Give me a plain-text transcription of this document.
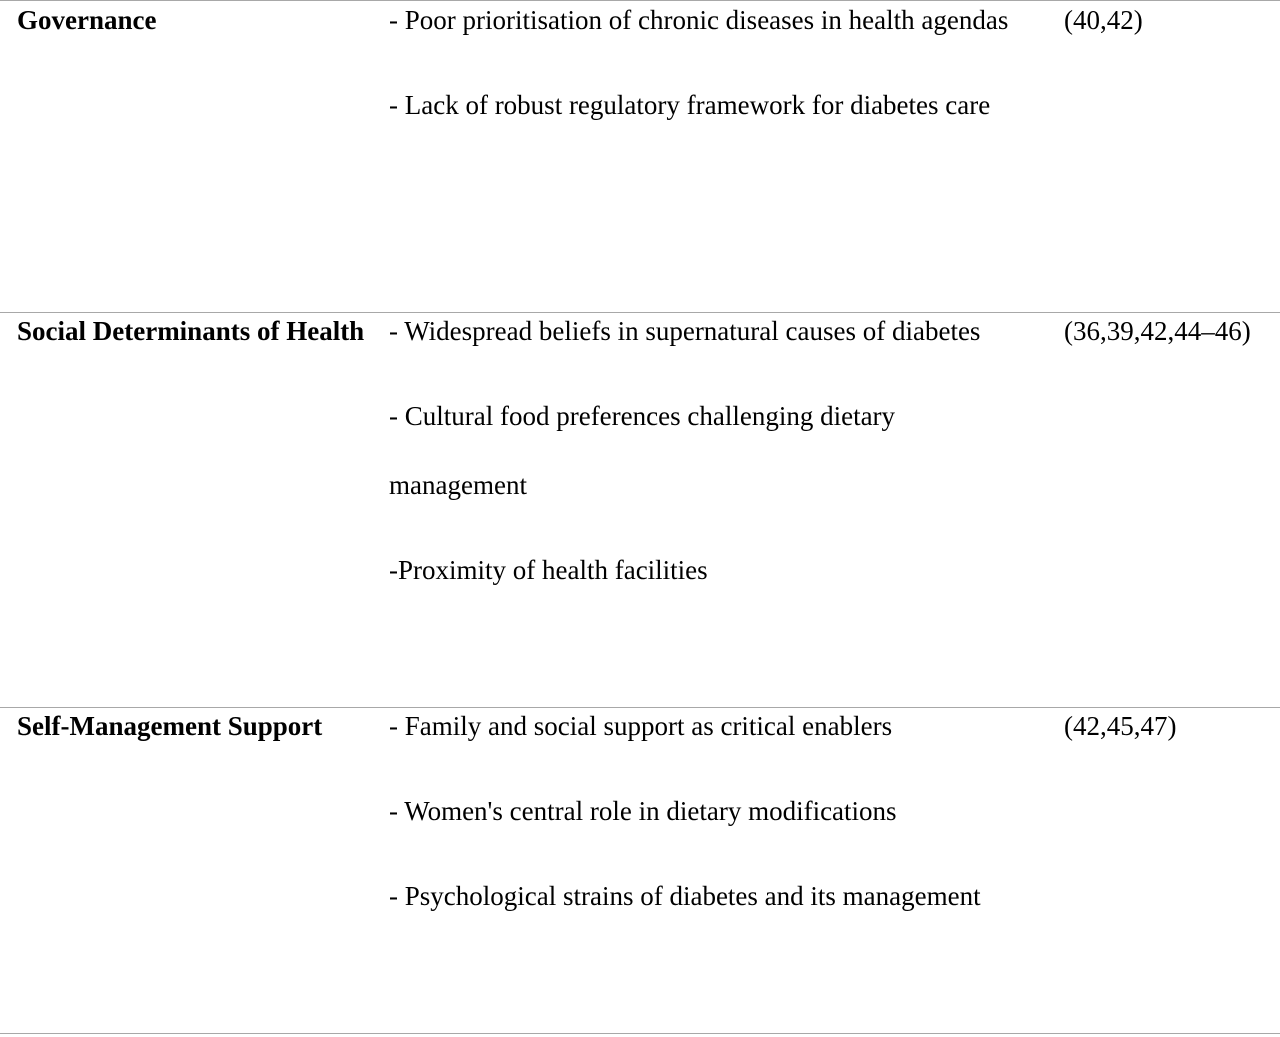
Governance	- Poor prioritisation of chronic diseases in health agendas
- Lack of robust regulatory framework for diabetes care
(40,42)
Social Determinants of Health - Widespread beliefs in supernatural causes of diabetes
- Cultural food preferences challenging dietary management
-Proximity of health facilities
(36,39,42,44–46)
Self-Management Support	- Family and social support as critical enablers
- Women's central role in dietary modifications
- Psychological strains of diabetes and its management
(42,45,47)
